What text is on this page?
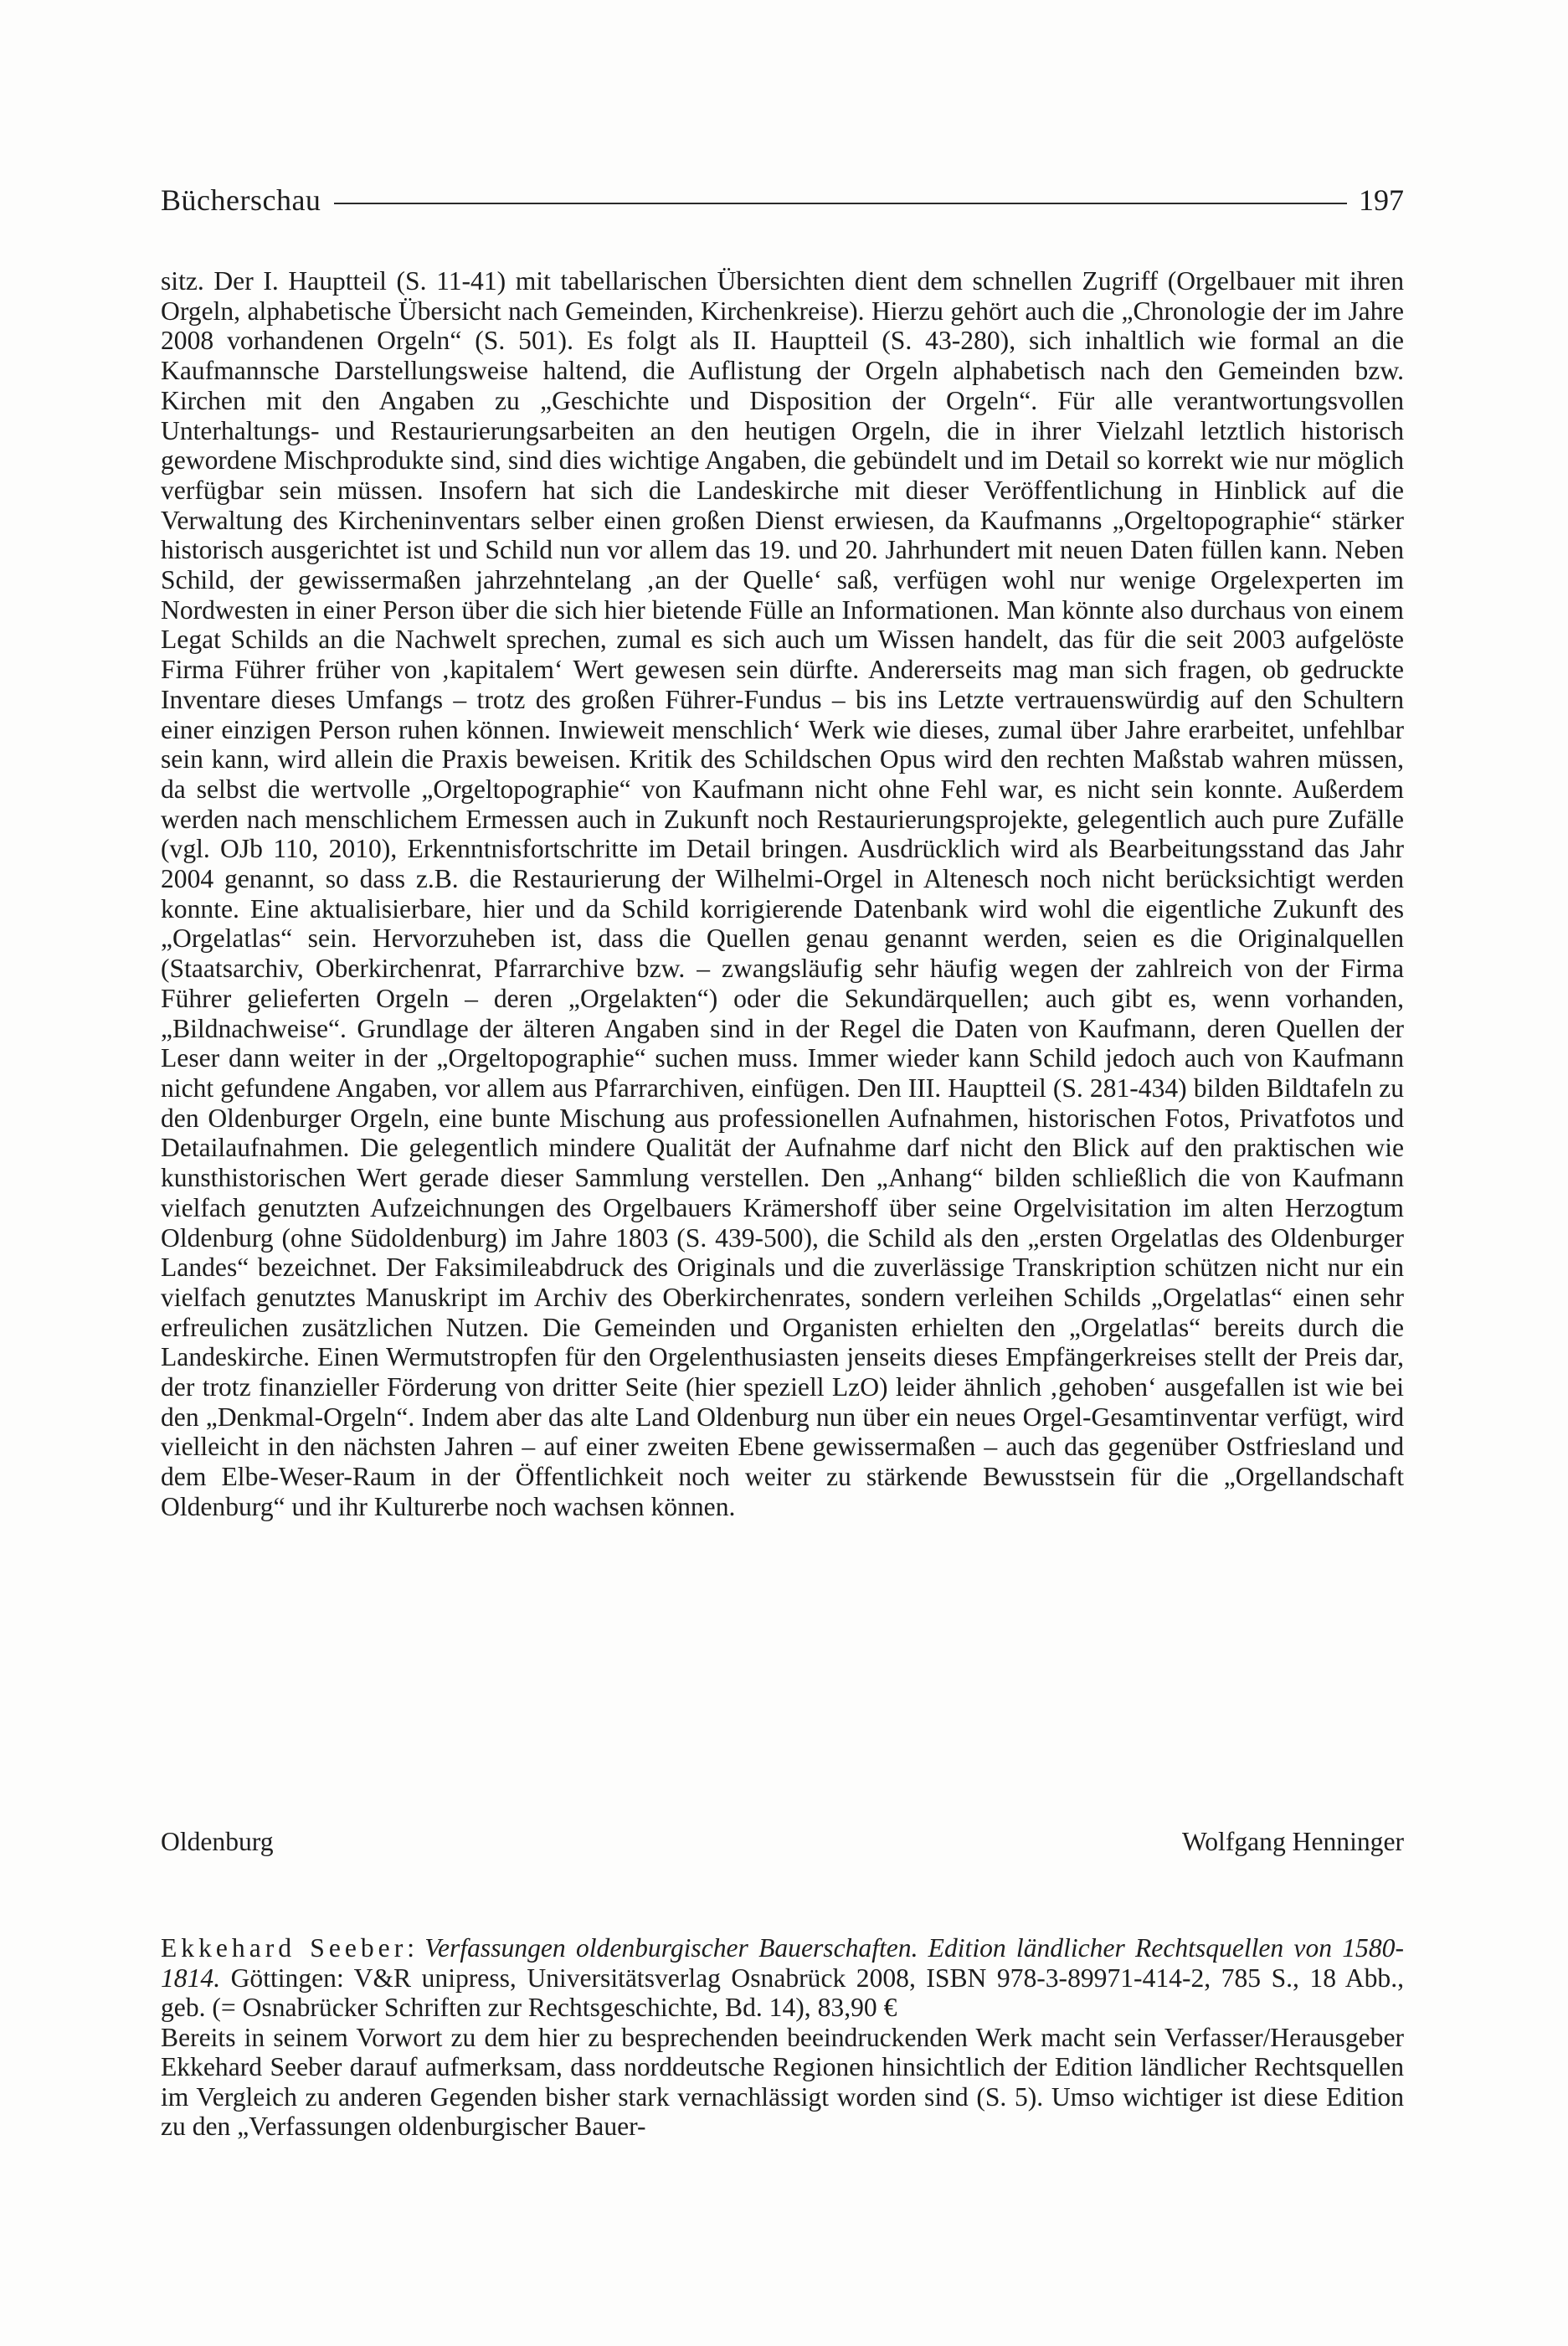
Bücherschau	197

sitz. Der I. Hauptteil (S. 11-41) mit tabellarischen Übersichten dient dem schnellen Zugriff (Orgelbauer mit ihren Orgeln, alphabetische Übersicht nach Gemeinden, Kirchenkreise). Hierzu gehört auch die „Chronologie der im Jahre 2008 vorhandenen Orgeln“ (S. 501). Es folgt als II. Hauptteil (S. 43-280), sich inhaltlich wie formal an die Kaufmannsche Darstellungsweise haltend, die Auflistung der Orgeln alphabetisch nach den Gemeinden bzw. Kirchen mit den Angaben zu „Geschichte und Disposition der Orgeln“. Für alle verantwortungsvollen Unterhaltungs- und Restaurierungsarbeiten an den heutigen Orgeln, die in ihrer Vielzahl letztlich historisch gewordene Mischprodukte sind, sind dies wichtige Angaben, die gebündelt und im Detail so korrekt wie nur möglich verfügbar sein müssen. Insofern hat sich die Landeskirche mit dieser Veröffentlichung in Hinblick auf die Verwaltung des Kircheninventars selber einen großen Dienst erwiesen, da Kaufmanns „Orgeltopographie“ stärker historisch ausgerichtet ist und Schild nun vor allem das 19. und 20. Jahrhundert mit neuen Daten füllen kann. Neben Schild, der gewissermaßen jahrzehntelang ‚an der Quelle‘ saß, verfügen wohl nur wenige Orgelexperten im Nordwesten in einer Person über die sich hier bietende Fülle an Informationen. Man könnte also durchaus von einem Legat Schilds an die Nachwelt sprechen, zumal es sich auch um Wissen handelt, das für die seit 2003 aufgelöste Firma Führer früher von ‚kapitalem‘ Wert gewesen sein dürfte. Andererseits mag man sich fragen, ob gedruckte Inventare dieses Umfangs – trotz des großen Führer-Fundus – bis ins Letzte vertrauenswürdig auf den Schultern einer einzigen Person ruhen können. Inwieweit menschlich‘ Werk wie dieses, zumal über Jahre erarbeitet, unfehlbar sein kann, wird allein die Praxis beweisen. Kritik des Schildschen Opus wird den rechten Maßstab wahren müssen, da selbst die wertvolle „Orgeltopographie“ von Kaufmann nicht ohne Fehl war, es nicht sein konnte. Außerdem werden nach menschlichem Ermessen auch in Zukunft noch Restaurierungsprojekte, gelegentlich auch pure Zufälle (vgl. OJb 110, 2010), Erkenntnisfortschritte im Detail bringen. Ausdrücklich wird als Bearbeitungsstand das Jahr 2004 genannt, so dass z.B. die Restaurierung der Wilhelmi-Orgel in Altenesch noch nicht berücksichtigt werden konnte. Eine aktualisierbare, hier und da Schild korrigierende Datenbank wird wohl die eigentliche Zukunft des „Orgelatlas“ sein. Hervorzuheben ist, dass die Quellen genau genannt werden, seien es die Originalquellen (Staatsarchiv, Oberkirchenrat, Pfarrarchive bzw. – zwangsläufig sehr häufig wegen der zahlreich von der Firma Führer gelieferten Orgeln – deren „Orgelakten“) oder die Sekundärquellen; auch gibt es, wenn vorhanden, „Bildnachweise“. Grundlage der älteren Angaben sind in der Regel die Daten von Kaufmann, deren Quellen der Leser dann weiter in der „Orgeltopographie“ suchen muss. Immer wieder kann Schild jedoch auch von Kaufmann nicht gefundene Angaben, vor allem aus Pfarrarchiven, einfügen. Den III. Hauptteil (S. 281-434) bilden Bildtafeln zu den Oldenburger Orgeln, eine bunte Mischung aus professionellen Aufnahmen, historischen Fotos, Privatfotos und Detailaufnahmen. Die gelegentlich mindere Qualität der Aufnahme darf nicht den Blick auf den praktischen wie kunsthistorischen Wert gerade dieser Sammlung verstellen. Den „Anhang“ bilden schließlich die von Kaufmann vielfach genutzten Aufzeichnungen des Orgelbauers Krämershoff über seine Orgelvisitation im alten Herzogtum Oldenburg (ohne Südoldenburg) im Jahre 1803 (S. 439-500), die Schild als den „ersten Orgelatlas des Oldenburger Landes“ bezeichnet. Der Faksimileabdruck des Originals und die zuverlässige Transkription schützen nicht nur ein vielfach genutztes Manuskript im Archiv des Oberkirchenrates, sondern verleihen Schilds „Orgelatlas“ einen sehr erfreulichen zusätzlichen Nutzen. Die Gemeinden und Organisten erhielten den „Orgelatlas“ bereits durch die Landeskirche. Einen Wermutstropfen für den Orgelenthusiasten jenseits dieses Empfängerkreises stellt der Preis dar, der trotz finanzieller Förderung von dritter Seite (hier speziell LzO) leider ähnlich ‚gehoben‘ ausgefallen ist wie bei den „Denkmal-Orgeln“. Indem aber das alte Land Oldenburg nun über ein neues Orgel-Gesamtinventar verfügt, wird vielleicht in den nächsten Jahren – auf einer zweiten Ebene gewissermaßen – auch das gegenüber Ostfriesland und dem Elbe-Weser-Raum in der Öffentlichkeit noch weiter zu stärkende Bewusstsein für die „Orgellandschaft Oldenburg“ und ihr Kulturerbe noch wachsen können.

Oldenburg	Wolfgang Henninger

Ekkehard Seeber: Verfassungen oldenburgischer Bauerschaften. Edition ländlicher Rechtsquellen von 1580-1814. Göttingen: V&R unipress, Universitätsverlag Osnabrück 2008, ISBN 978-3-89971-414-2, 785 S., 18 Abb., geb. (= Osnabrücker Schriften zur Rechtsgeschichte, Bd. 14), 83,90 €

Bereits in seinem Vorwort zu dem hier zu besprechenden beeindruckenden Werk macht sein Verfasser/Herausgeber Ekkehard Seeber darauf aufmerksam, dass norddeutsche Regionen hinsichtlich der Edition ländlicher Rechtsquellen im Vergleich zu anderen Gegenden bisher stark vernachlässigt worden sind (S. 5). Umso wichtiger ist diese Edition zu den „Verfassungen oldenburgischer Bauer-
